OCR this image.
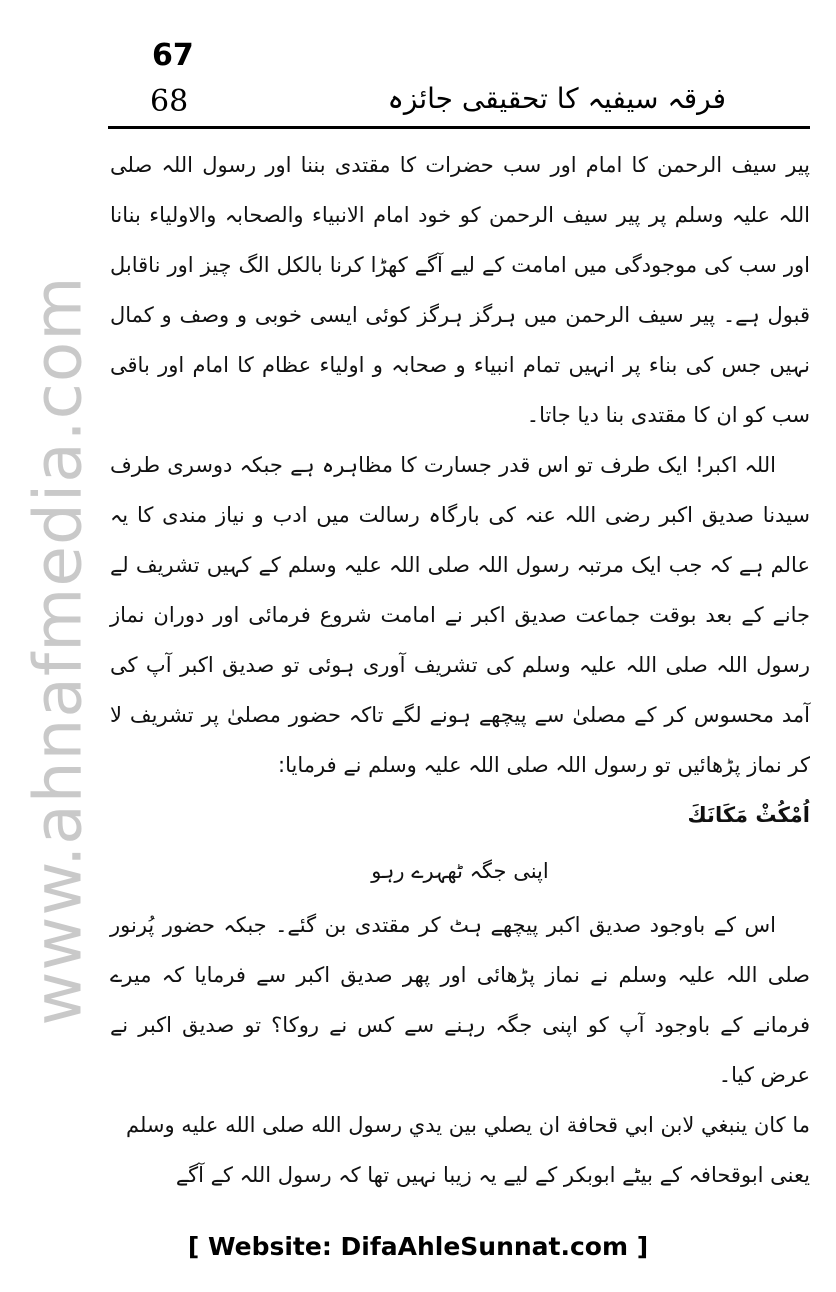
www.ahnafmedia.com
67
68	فرقہ سیفیہ کا تحقیقی جائزہ

پیر سیف الرحمن کا امام اور سب حضرات کا مقتدی بننا اور رسول اللہ صلی اللہ علیہ وسلم پر پیر سیف الرحمن کو خود امام الانبیاء والصحابہ والاولیاء بنانا اور سب کی موجودگی میں امامت کے لیے آگے کھڑا کرنا بالکل الگ چیز اور ناقابل قبول ہے۔ پیر سیف الرحمن میں ہرگز ہرگز کوئی ایسی خوبی و وصف و کمال نہیں جس کی بناء پر انہیں تمام انبیاء و صحابہ و اولیاء عظام کا امام اور باقی سب کو ان کا مقتدی بنا دیا جاتا۔

اللہ اکبر! ایک طرف تو اس قدر جسارت کا مظاہرہ ہے جبکہ دوسری طرف سیدنا صدیق اکبر رضی اللہ عنہ کی بارگاہ رسالت میں ادب و نیاز مندی کا یہ عالم ہے کہ جب ایک مرتبہ رسول اللہ صلی اللہ علیہ وسلم کے کہیں تشریف لے جانے کے بعد بوقت جماعت صدیق اکبر نے امامت شروع فرمائی اور دوران نماز رسول اللہ صلی اللہ علیہ وسلم کی تشریف آوری ہوئی تو صدیق اکبر آپ کی آمد محسوس کر کے مصلیٰ سے پیچھے ہونے لگے تاکہ حضور مصلیٰ پر تشریف لا کر نماز پڑھائیں تو رسول اللہ صلی اللہ علیہ وسلم نے فرمایا:

اُمْكُثْ مَكَانَكَ

اپنی جگہ ٹھہرے رہو

اس کے باوجود صدیق اکبر پیچھے ہٹ کر مقتدی بن گئے۔ جبکہ حضور پُرنور صلی اللہ علیہ وسلم نے نماز پڑھائی اور پھر صدیق اکبر سے فرمایا کہ میرے فرمانے کے باوجود آپ کو اپنی جگہ رہنے سے کس نے روکا؟ تو صدیق اکبر نے عرض کیا۔

ما كان ينبغي لابن ابي قحافة ان يصلي بين يدي رسول الله صلى الله عليه وسلم

یعنی ابوقحافہ کے بیٹے ابوبکر کے لیے یہ زیبا نہیں تھا کہ رسول اللہ کے آگے

[ Website: DifaAhleSunnat.com ]
